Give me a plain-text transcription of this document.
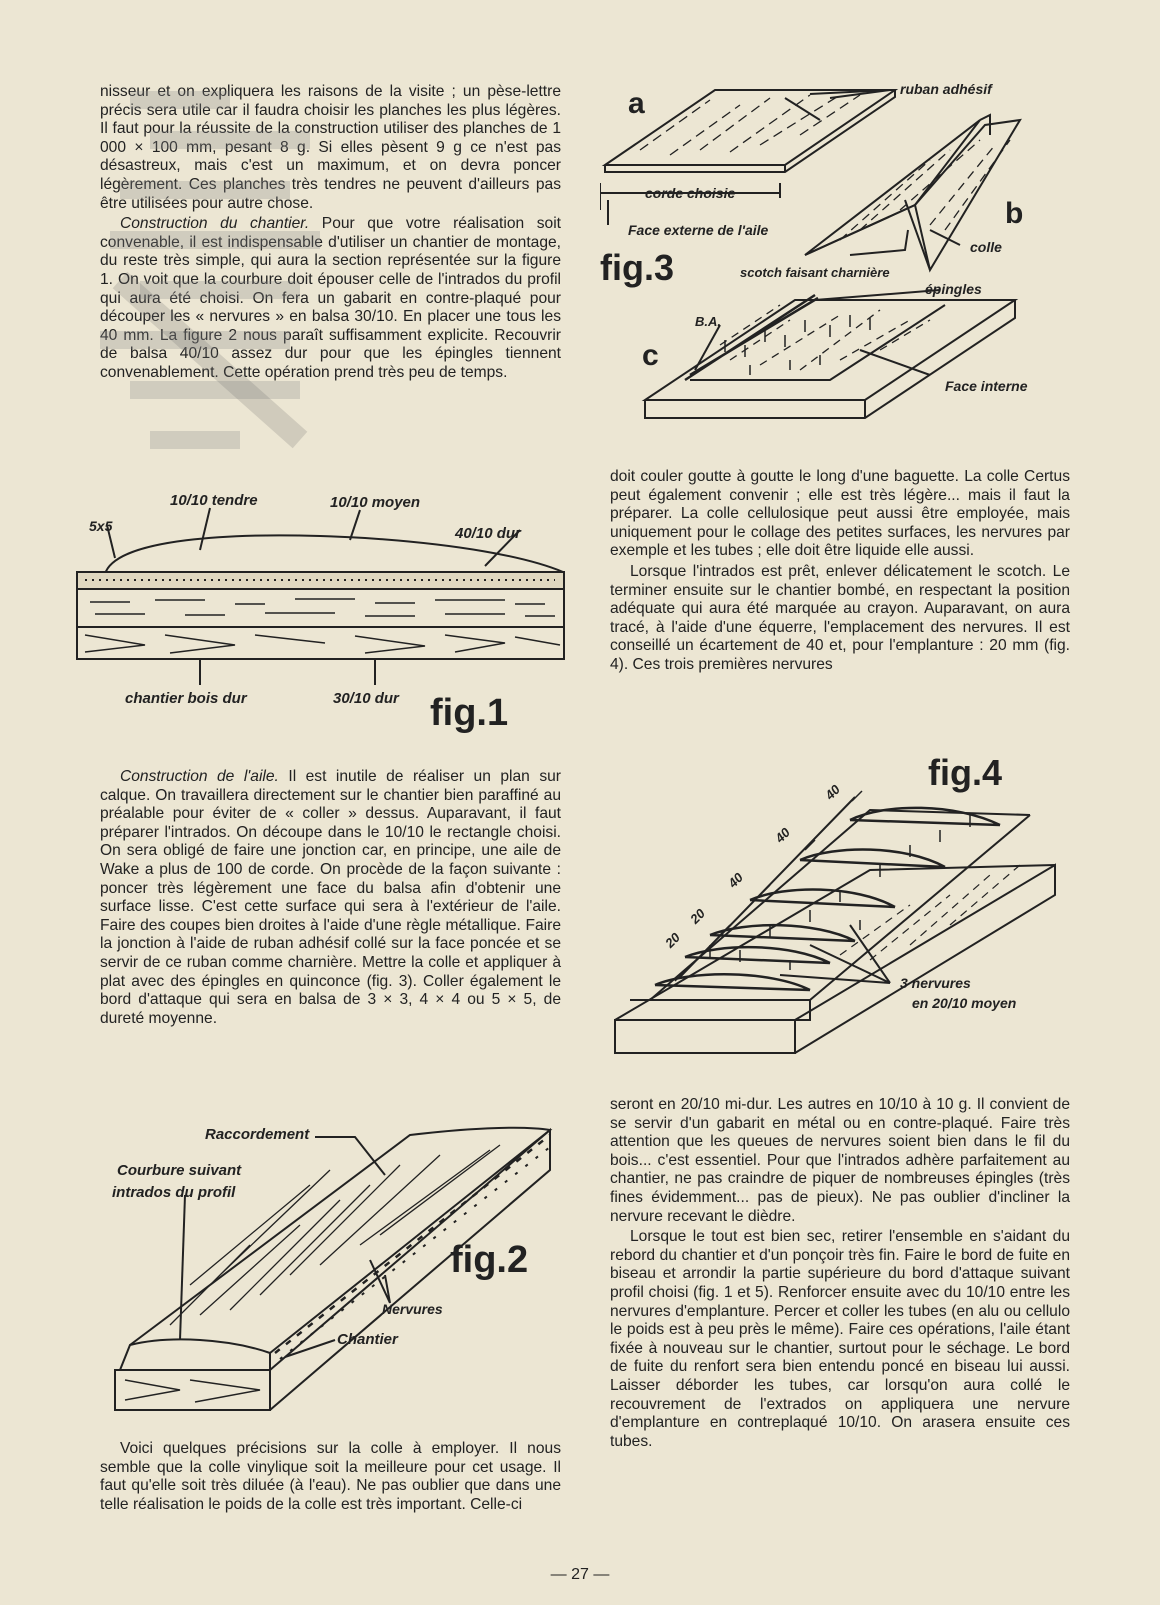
nisseur et on expliquera les raisons de la visite ; un pèse-lettre précis sera utile car il faudra choisir les planches les plus légères. Il faut pour la réussite de la construction utiliser des planches de 1 000 × 100 mm, pesant 8 g. Si elles pèsent 9 g ce n'est pas désastreux, mais c'est un maximum, et on devra poncer légèrement. Ces planches très tendres ne peuvent d'ailleurs pas être utilisées pour autre chose.

Construction du chantier. Pour que votre réalisation soit convenable, il est indispensable d'utiliser un chantier de montage, du reste très simple, qui aura la section représentée sur la figure 1. On voit que la courbure doit épouser celle de l'intrados du profil qui aura été choisi. On fera un gabarit en contre-plaqué pour découper les « nervures » en balsa 30/10. En placer une tous les 40 mm. La figure 2 nous paraît suffisamment explicite. Recouvrir de balsa 40/10 assez dur pour que les épingles tiennent convenablement. Cette opération prend très peu de temps.

10/10 tendre	10/10 moyen
5x5	40/10 dur
chantier bois dur	30/10 dur fig.1

Construction de l'aile. Il est inutile de réaliser un plan sur calque. On travaillera directement sur le chantier bien paraffiné au préalable pour éviter de « coller » dessus. Auparavant, il faut préparer l'intrados. On découpe dans le 10/10 le rectangle choisi. On sera obligé de faire une jonction car, en principe, une aile de Wake a plus de 100 de corde. On procède de la façon suivante : poncer très légèrement une face du balsa afin d'obtenir une surface lisse. C'est cette surface qui sera à l'extérieur de l'aile. Faire des coupes bien droites à l'aide d'une règle métallique. Faire la jonction à l'aide de ruban adhésif collé sur la face poncée et se servir de ce ruban comme charnière. Mettre la colle et appliquer à plat avec des épingles en quinconce (fig. 3). Coller également le bord d'attaque qui sera en balsa de 3 × 3, 4 × 4 ou 5 × 5, de dureté moyenne.

Raccordement
Courbure suivant
intrados du profil
fig.2
Nervures
Chantier

Voici quelques précisions sur la colle à employer. Il nous semble que la colle vinylique soit la meilleure pour cet usage. Il faut qu'elle soit très diluée (à l'eau). Ne pas oublier que dans une telle réalisation le poids de la colle est très important. Celle-ci

a	ruban adhésif
corde choisie
Face externe de l'aile	b
colle
fig.3	scotch faisant charnière
épingles
B.A.
c
Face interne

doit couler goutte à goutte le long d'une baguette. La colle Certus peut également convenir ; elle est très légère... mais il faut la préparer. La colle cellulosique peut aussi être employée, mais uniquement pour le collage des petites surfaces, les nervures par exemple et les tubes ; elle doit être liquide elle aussi.

Lorsque l'intrados est prêt, enlever délicatement le scotch. Le terminer ensuite sur le chantier bombé, en respectant la position adéquate qui aura été marquée au crayon. Auparavant, on aura tracé, à l'aide d'une équerre, l'emplacement des nervures. Il est conseillé un écartement de 40 et, pour l'emplanture : 20 mm (fig. 4). Ces trois premières nervures

fig.4
20
20
40
40
40
3 nervures
en 20/10 moyen

seront en 20/10 mi-dur. Les autres en 10/10 à 10 g. Il convient de se servir d'un gabarit en métal ou en contre-plaqué. Faire très attention que les queues de nervures soient bien dans le fil du bois... c'est essentiel. Pour que l'intrados adhère parfaitement au chantier, ne pas craindre de piquer de nombreuses épingles (très fines évidemment... pas de pieux). Ne pas oublier d'incliner la nervure recevant le dièdre.

Lorsque le tout est bien sec, retirer l'ensemble en s'aidant du rebord du chantier et d'un ponçoir très fin. Faire le bord de fuite en biseau et arrondir la partie supérieure du bord d'attaque suivant profil choisi (fig. 1 et 5). Renforcer ensuite avec du 10/10 entre les nervures d'emplanture. Percer et coller les tubes (en alu ou cellulo le poids est à peu près le même). Faire ces opérations, l'aile étant fixée à nouveau sur le chantier, surtout pour le séchage. Le bord de fuite du renfort sera bien entendu poncé en biseau lui aussi. Laisser déborder les tubes, car lorsqu'on aura collé le recouvrement de l'extrados on appliquera une nervure d'emplanture en contreplaqué 10/10. On arasera ensuite ces tubes.

— 27 —
